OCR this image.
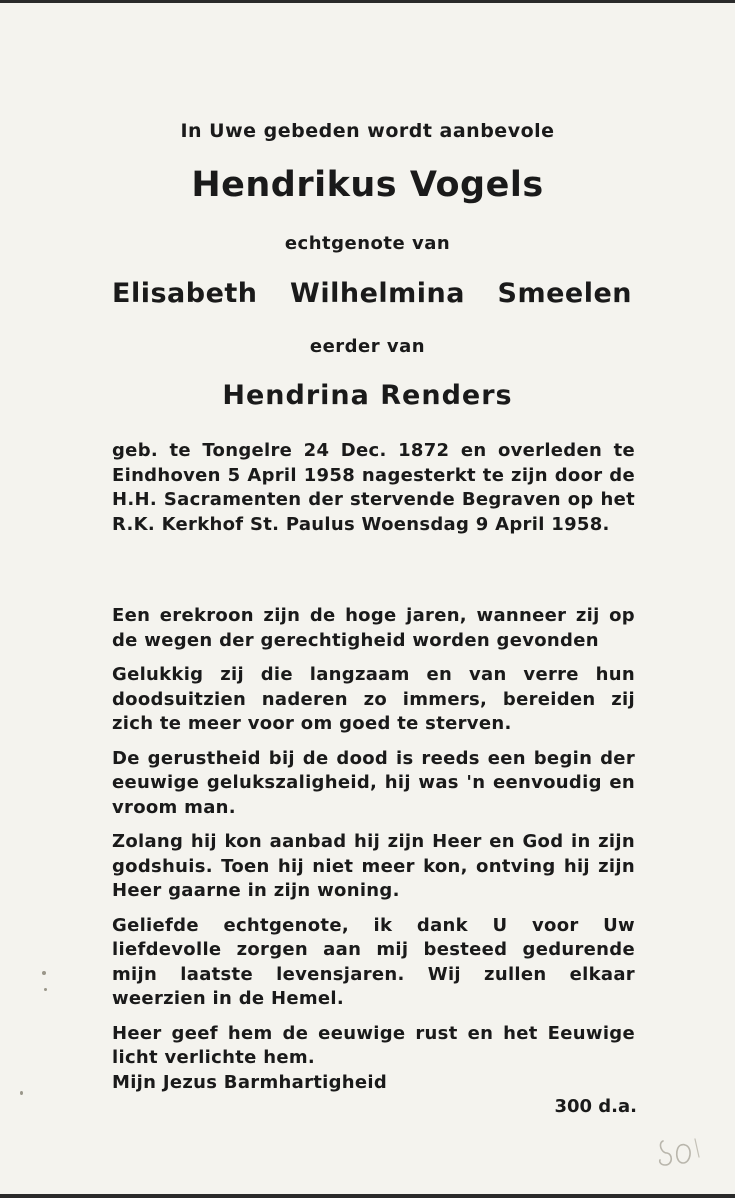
In Uwe gebeden wordt aanbevole
Hendrikus Vogels
echtgenote van
Elisabeth Wilhelmina Smeelen
eerder van
Hendrina Renders

geb. te Tongelre 24 Dec. 1872 en overleden te Eindhoven 5 April 1958 nagesterkt te zijn door de H.H. Sacramenten der stervende Begraven op het R.K. Kerkhof St. Paulus Woensdag 9 April 1958.

Een erekroon zijn de hoge jaren, wanneer zij op de wegen der gerechtigheid worden gevonden

Gelukkig zij die langzaam en van verre hun doodsuitzien naderen zo immers, bereiden zij zich te meer voor om goed te sterven.

De gerustheid bij de dood is reeds een begin der eeuwige gelukszaligheid, hij was 'n eenvoudig en vroom man.

Zolang hij kon aanbad hij zijn Heer en God in zijn godshuis. Toen hij niet meer kon, ontving hij zijn Heer gaarne in zijn woning.

Geliefde echtgenote, ik dank U voor Uw liefdevolle zorgen aan mij besteed gedurende mijn laatste levensjaren. Wij zullen elkaar weerzien in de Hemel.

Heer geef hem de eeuwige rust en het Eeuwige licht verlichte hem.

Mijn Jezus Barmhartigheid

300 d.a.
